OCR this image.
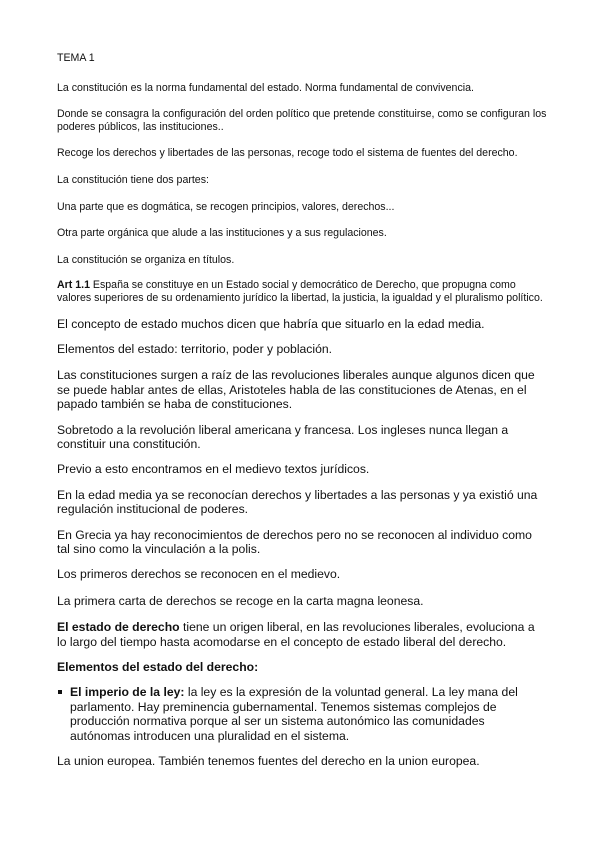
TEMA 1

La constitución es la norma fundamental del estado. Norma fundamental de convivencia.

Donde se consagra la configuración del orden político que pretende constituirse, como se configuran los poderes públicos, las instituciones..

Recoge los derechos y libertades de las personas, recoge todo el sistema de fuentes del derecho.

La constitución tiene dos partes:

Una parte que es dogmática, se recogen principios, valores, derechos...

Otra parte orgánica que alude a las instituciones y a sus regulaciones.

La constitución se organiza en títulos.

Art 1.1 España se constituye en un Estado social y democrático de Derecho, que propugna como valores superiores de su ordenamiento jurídico la libertad, la justicia, la igualdad y el pluralismo político.

El concepto de estado muchos dicen que habría que situarlo en la edad media.

Elementos del estado: territorio, poder y población.

Las constituciones surgen a raíz de las revoluciones liberales aunque algunos dicen que se puede hablar antes de ellas, Aristoteles habla de las constituciones de Atenas, en el papado también se haba de constituciones.

Sobretodo a la revolución liberal americana y francesa. Los ingleses nunca llegan a constituir una constitución.

Previo a esto encontramos en el medievo textos jurídicos.

En la edad media ya se reconocían derechos y libertades a las personas y ya existió una regulación institucional de poderes.

En Grecia ya hay reconocimientos de derechos pero no se reconocen al individuo como tal sino como la vinculación a la polis.

Los primeros derechos se reconocen en el medievo.

La primera carta de derechos se recoge en la carta magna leonesa.

El estado de derecho tiene un origen liberal, en las revoluciones liberales, evoluciona a lo largo del tiempo hasta acomodarse en el concepto de estado liberal del derecho.

Elementos del estado del derecho:

El imperio de la ley: la ley es la expresión de la voluntad general. La ley mana del parlamento. Hay preminencia gubernamental. Tenemos sistemas complejos de producción normativa porque al ser un sistema autonómico las comunidades autónomas introducen una pluralidad en el sistema.

La union europea. También tenemos fuentes del derecho en la union europea.
